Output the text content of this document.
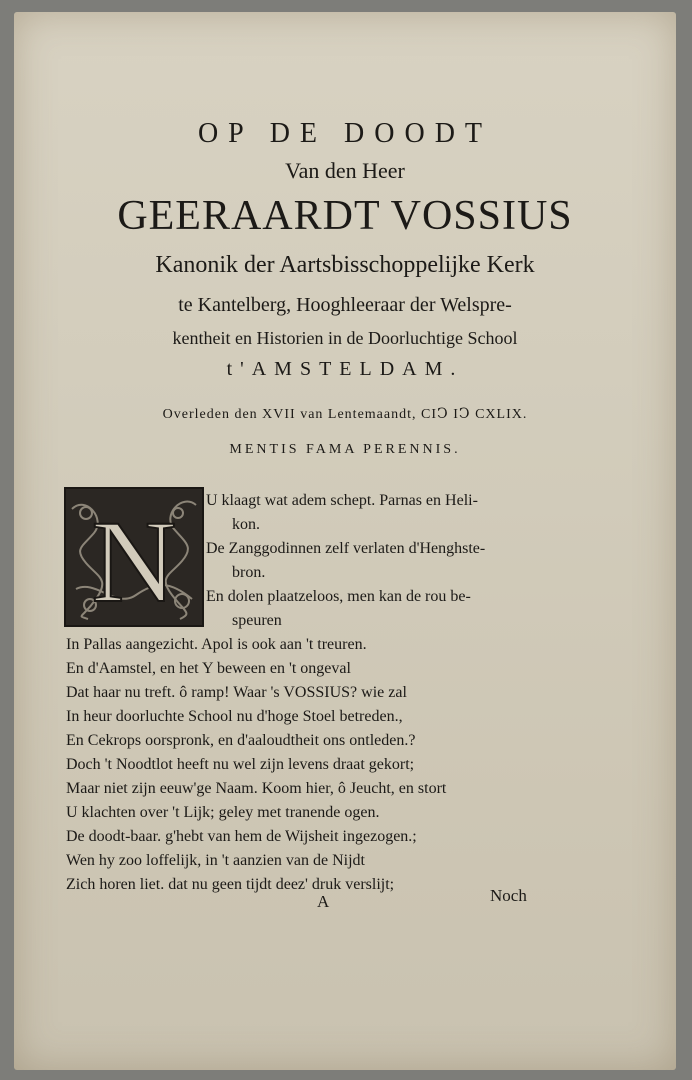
OP DE DOODT
Van den Heer
GEERAARDT VOSSIUS
Kanonik der Aartsbisschoppelijke Kerk
te Kantelberg, Hooghleeraar der Welspre-
kentheit en Historien in de Doorluchtige School
t'AMSTELDAM.
Overleden den XVII van Lentemaandt, CIↃ IↃ CXLIX.
MENTIS FAMA PERENNIS.
N U klaagt wat adem schept. Parnas en Heli-
kon.
De Zanggodinnen zelf verlaten d'Henghste-
bron.
En dolen plaatzeloos, men kan de rou be-
speuren
In Pallas aangezicht. Apol is ook aan 't treuren.
En d'Aamstel, en het Y beween en 't ongeval
Dat haar nu treft. ô ramp! Waar 's VOSSIUS? wie zal
In heur doorluchte School nu d'hoge Stoel betreden.,
En Cekrops oorspronk, en d'aaloudtheit ons ontleden.?
Doch 't Noodtlot heeft nu wel zijn levens draat gekort;
Maar niet zijn eeuw'ge Naam. Koom hier, ô Jeucht, en stort
U klachten over 't Lijk; geley met tranende ogen.
De doodt-baar. g'hebt van hem de Wijsheit ingezogen.;
Wen hy zoo loffelijk, in 't aanzien van de Nijdt
Zich horen liet. dat nu geen tijdt deez' druk verslijt;
A	Noch
